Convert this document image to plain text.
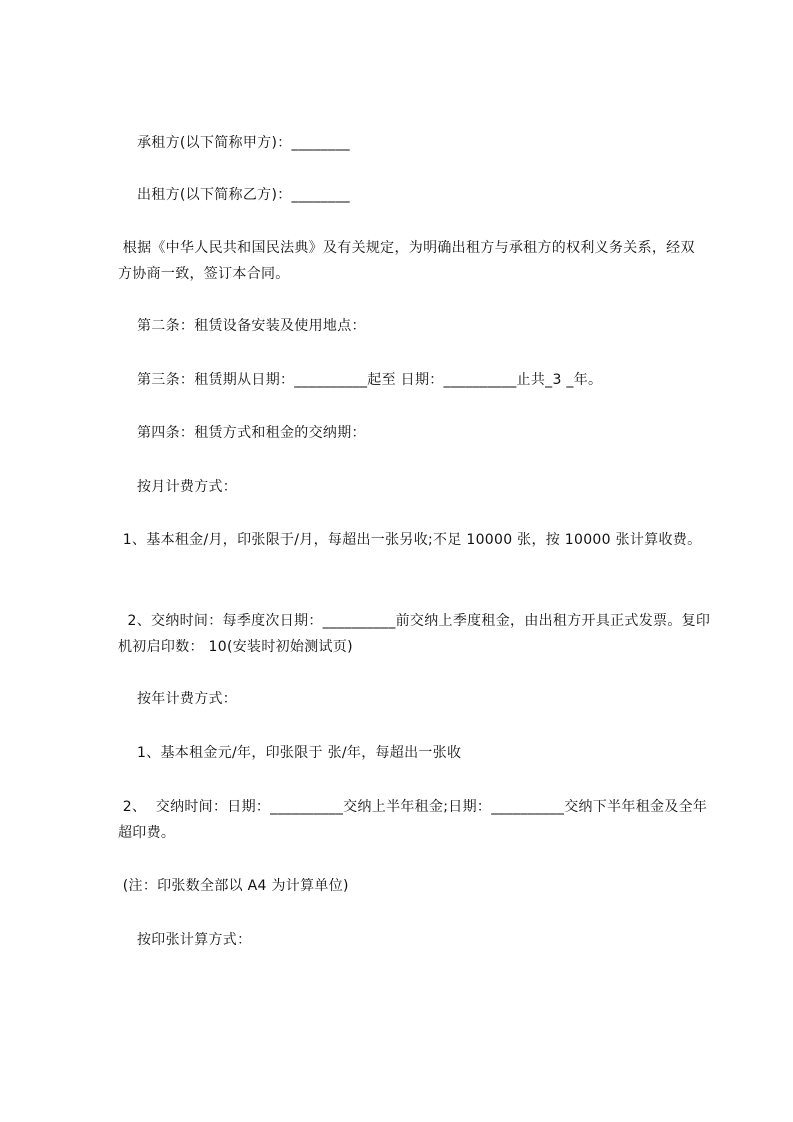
承租方(以下简称甲方)：________

出租方(以下简称乙方)：________

根据《中华人民共和国民法典》及有关规定，为明确出租方与承租方的权利义务关系，经双方协商一致，签订本合同。

第二条：租赁设备安装及使用地点：

第三条：租赁期从日期：__________起至 日期：__________止共_3 _年。

第四条：租赁方式和租金的交纳期：

按月计费方式：

1、基本租金/月，印张限于/月，每超出一张另收;不足 10000 张，按 10000 张计算收费。

2、交纳时间：每季度次日期：__________前交纳上季度租金，由出租方开具正式发票。复印机初启印数： 10(安装时初始测试页)

按年计费方式：

1、基本租金元/年，印张限于 张/年，每超出一张收

2、  交纳时间：日期：__________交纳上半年租金;日期：__________交纳下半年租金及全年超印费。

(注：印张数全部以 A4 为计算单位)

按印张计算方式：
